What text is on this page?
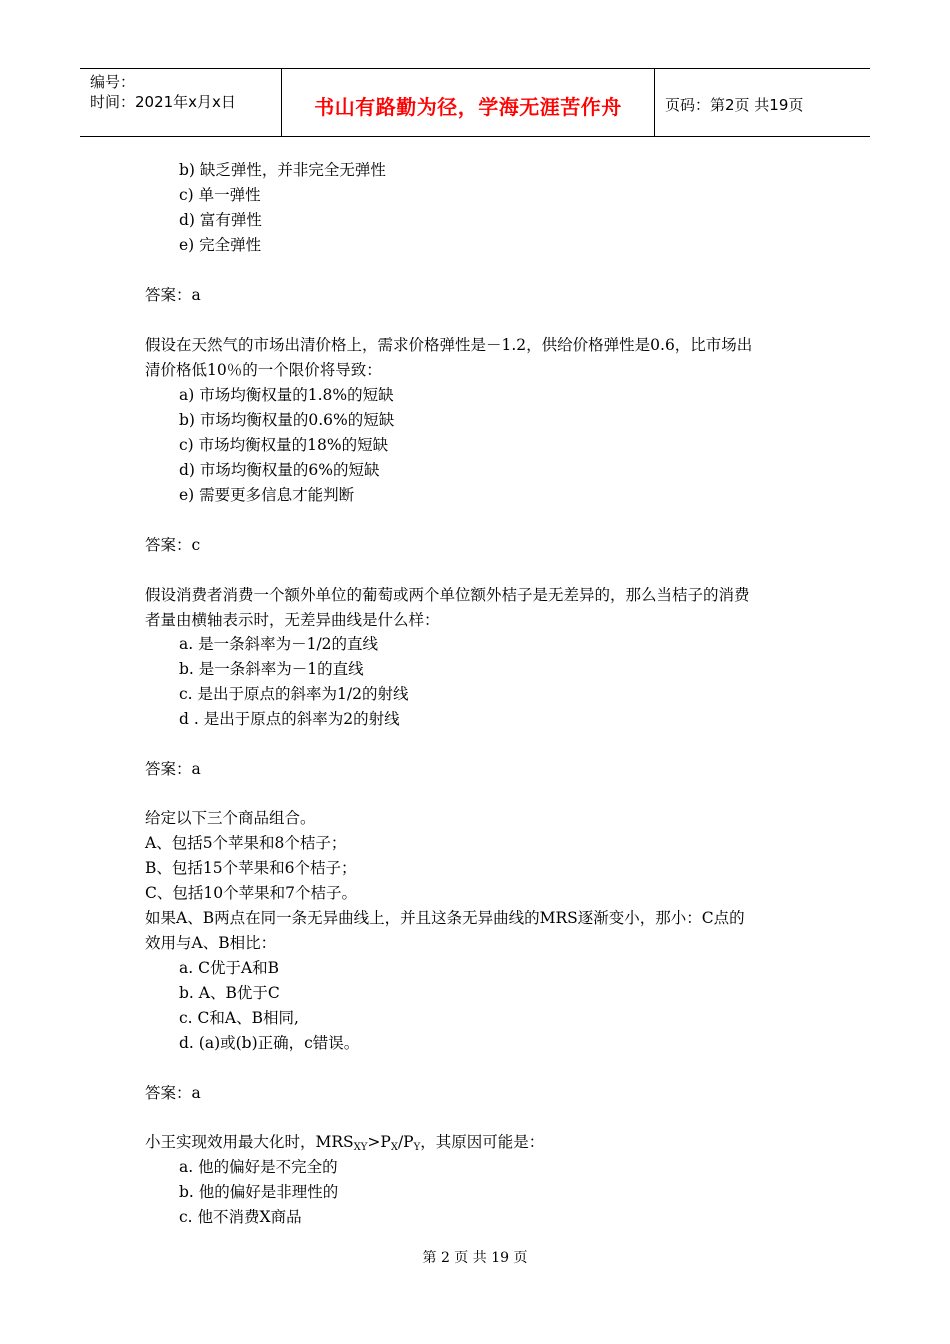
编号：
时间：2021年x月x日	书山有路勤为径，学海无涯苦作舟	页码：第2页 共19页
b) 缺乏弹性，并非完全无弹性
c) 单一弹性
d) 富有弹性
e) 完全弹性
答案：a
假设在天然气的市场出清价格上，需求价格弹性是－1.2，供给价格弹性是0.6，比市场出
清价格低10％的一个限价将导致：
a) 市场均衡权量的1.8%的短缺
b) 市场均衡权量的0.6%的短缺
c) 市场均衡权量的18%的短缺
d) 市场均衡权量的6%的短缺
e) 需要更多信息才能判断
答案：c
假设消费者消费一个额外单位的葡萄或两个单位额外桔子是无差异的，那么当桔子的消费
者量由横轴表示时，无差异曲线是什么样：
a. 是一条斜率为－1/2的直线
b. 是一条斜率为－1的直线
c. 是出于原点的斜率为1/2的射线
d . 是出于原点的斜率为2的射线
答案：a
给定以下三个商品组合。
A、包括5个苹果和8个桔子；
B、包括15个苹果和6个桔子；
C、包括10个苹果和7个桔子。
如果A、B两点在同一条无异曲线上，并且这条无异曲线的MRS逐渐变小，那小：C点的
效用与A、B相比：
a. C优于A和B
b. A、B优于C
c. C和A、B相同,
d. (a)或(b)正确，c错误。
答案：a
小王实现效用最大化时，$MRS_{XY}>P_X/P_Y$，其原因可能是：
a. 他的偏好是不完全的
b. 他的偏好是非理性的
c. 他不消费X商品
第 2 页 共 19 页
